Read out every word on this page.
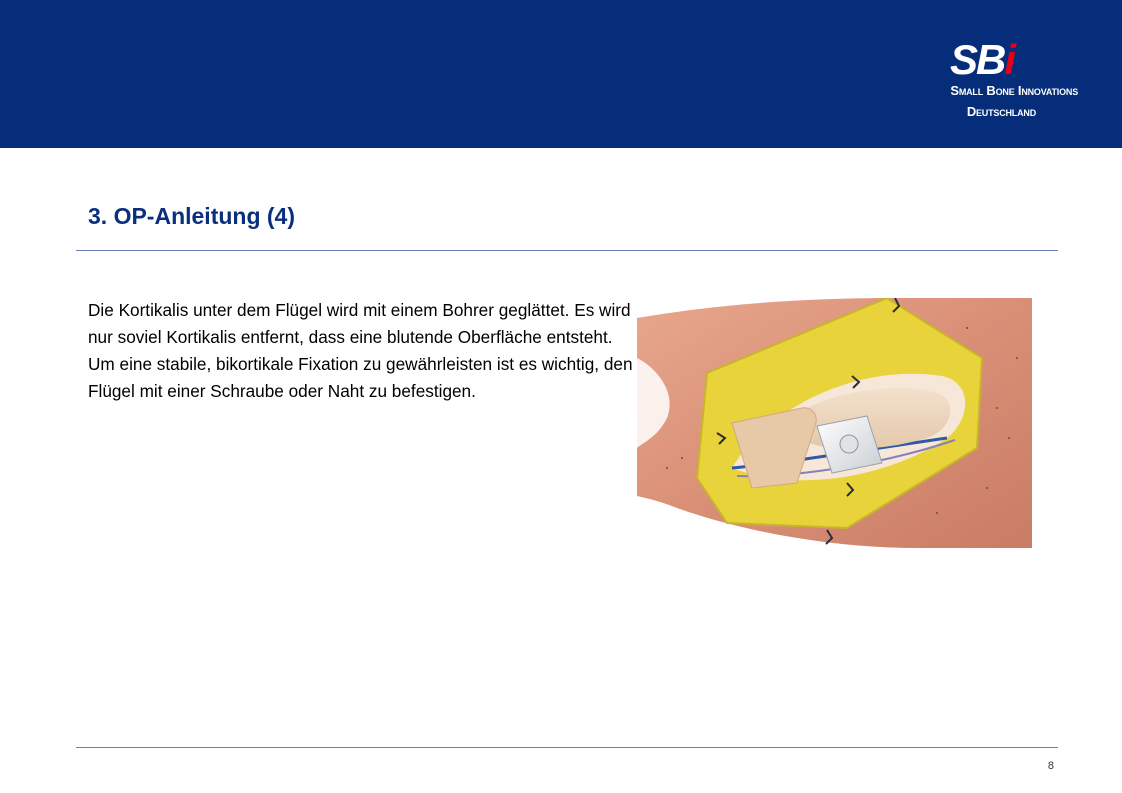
SBi
Small Bone Innovations
Deutschland
3. OP-Anleitung (4)

Die Kortikalis unter dem Flügel wird mit einem Bohrer geglättet. Es wird nur soviel Kortikalis entfernt, dass eine blutende Oberfläche entsteht.

Um eine stabile, bikortikale Fixation zu gewährleisten ist es wichtig, den Flügel mit einer Schraube oder Naht zu befestigen.

8
